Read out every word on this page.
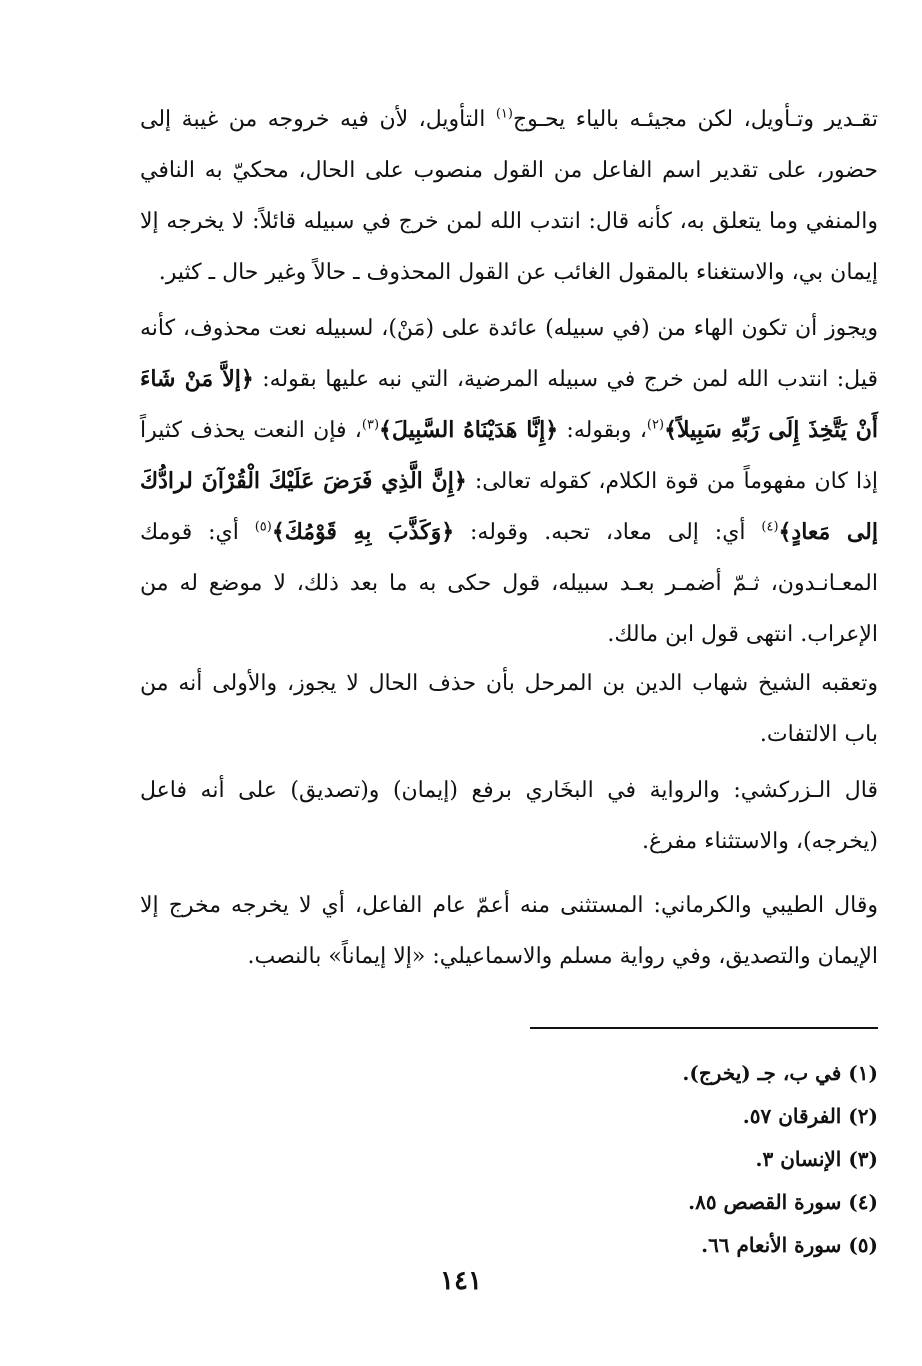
تقـدير وتـأويل، لكن مجيئـه بالياء يحـوج$^{(١)}$ التأويل، لأن فيه خروجه من غيبة إلى حضور، على تقدير اسم الفاعل من القول منصوب على الحال، محكيّ به النافي والمنفي وما يتعلق به، كأنه قال: انتدب الله لمن خرج في سبيله قائلاً: لا يخرجه إلا إيمان بي، والاستغناء بالمقول الغائب عن القول المحذوف ـ حالاً وغير حال ـ كثير.

ويجوز أن تكون الهاء من (في سبيله) عائدة على (مَنْ)، لسبيله نعت محذوف، كأنه قيل: انتدب الله لمن خرج في سبيله المرضية، التي نبه عليها بقوله: ﴿إلاَّ مَنْ شَاءَ أَنْ يَتَّخِذَ إِلَى رَبِّهِ سَبِيلاً﴾$^{(٢)}$، وبقوله: ﴿إِنَّا هَدَيْنَاهُ السَّبِيلَ﴾$^{(٣)}$، فإن النعت يحذف كثيراً إذا كان مفهوماً من قوة الكلام، كقوله تعالى: ﴿إِنَّ الَّذِي فَرَضَ عَلَيْكَ الْقُرْآنَ لرادُّكَ إلى مَعادٍ﴾$^{(٤)}$ أي: إلى معاد، تحبه. وقوله: ﴿وَكَذَّبَ بِهِ قَوْمُكَ﴾$^{(٥)}$ أي: قومك المعـانـدون، ثـمّ أضمـر بعـد سبيله، قول حكى به ما بعد ذلك، لا موضع له من الإعراب. انتهى قول ابن مالك.

وتعقبه الشيخ شهاب الدين بن المرحل بأن حذف الحال لا يجوز، والأولى أنه من باب الالتفات.

قال الـزركشي: والرواية في البخَاري برفع (إيمان) و(تصديق) على أنه فاعل (يخرجه)، والاستثناء مفرغ.

وقال الطيبي والكرماني: المستثنى منه أعمّ عام الفاعل، أي لا يخرجه مخرج إلا الإيمان والتصديق، وفي رواية مسلم والاسماعيلي: «إلا إيماناً» بالنصب.

(١) في ب، جـ (يخرج).
(٢) الفرقان ٥٧.
(٣) الإنسان ٣.
(٤) سورة القصص ٨٥.
(٥) سورة الأنعام ٦٦.
١٤١
